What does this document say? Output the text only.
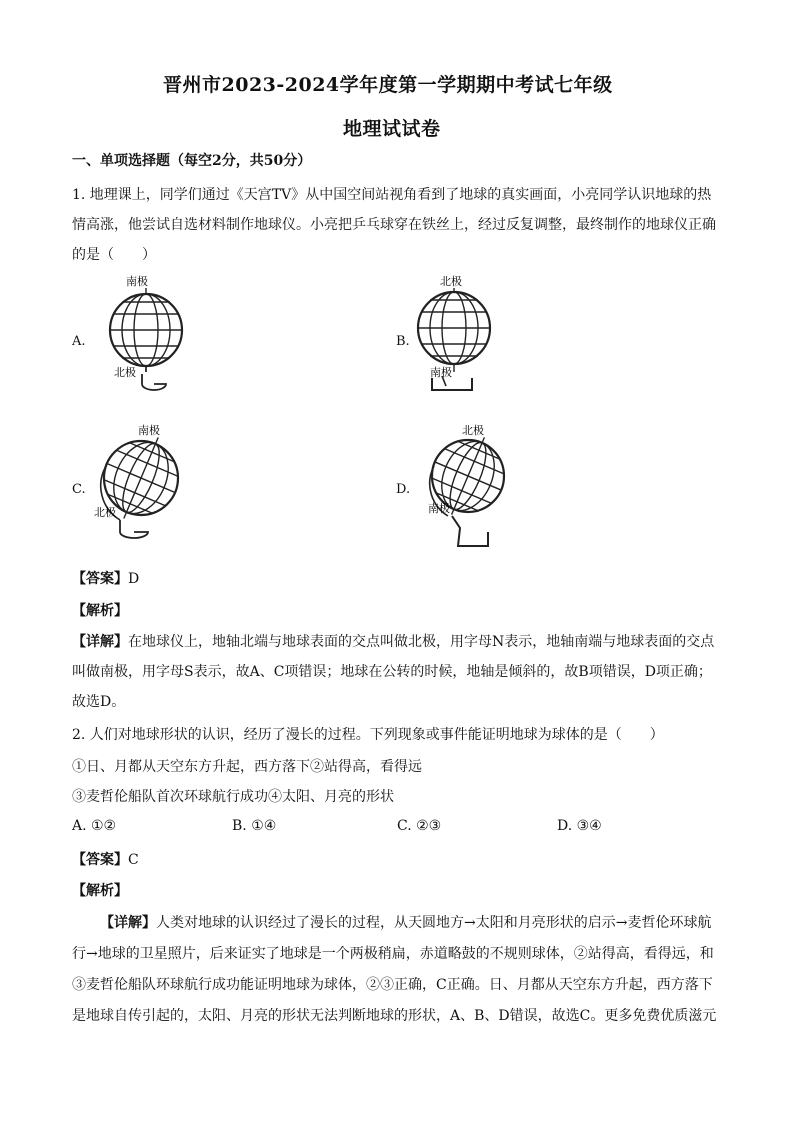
晋州市2023-2024学年度第一学期期中考试七年级
地理试试卷
一、单项选择题（每空2分，共50分）
1. 地理课上，同学们通过《天宫TV》从中国空间站视角看到了地球的真实画面，小亮同学认识地球的热
情高涨，他尝试自选材料制作地球仪。小亮把乒乓球穿在铁丝上，经过反复调整，最终制作的地球仪正确
的是（　　）
A.
南极
北极
B.
北极
南极
C.
南极
北极
D.
北极
南极
【答案】D
【解析】
【详解】在地球仪上，地轴北端与地球表面的交点叫做北极，用字母N表示，地轴南端与地球表面的交点
叫做南极，用字母S表示，故A、C项错误；地球在公转的时候，地轴是倾斜的，故B项错误，D项正确；
故选D。
2. 人们对地球形状的认识，经历了漫长的过程。下列现象或事件能证明地球为球体的是（　　）
①日、月都从天空东方升起，西方落下②站得高，看得远
③麦哲伦船队首次环球航行成功④太阳、月亮的形状
A. ①②	B. ①④	C. ②③	D. ③④
【答案】C
【解析】
【详解】人类对地球的认识经过了漫长的过程，从天圆地方→太阳和月亮形状的启示→麦哲伦环球航
行→地球的卫星照片，后来证实了地球是一个两极稍扁，赤道略鼓的不规则球体，②站得高，看得远，和
③麦哲伦船队环球航行成功能证明地球为球体，②③正确，C正确。日、月都从天空东方升起，西方落下
是地球自传引起的，太阳、月亮的形状无法判断地球的形状，A、B、D错误，故选C。更多免费优质滋元
